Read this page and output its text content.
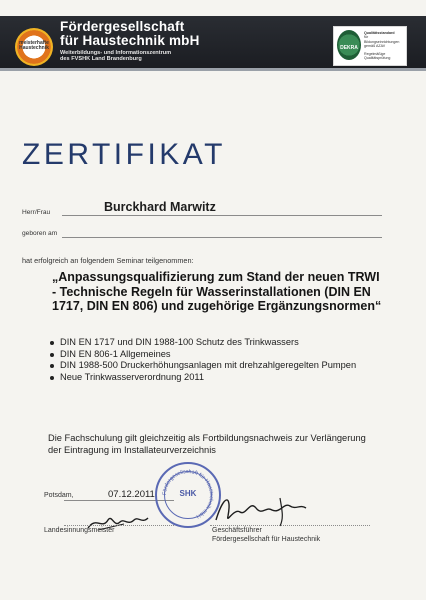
meisterhafte Haustechnik
Fördergesellschaft
für Haustechnik mbH
Weiterbildungs- und Informationszentrum
des FVSHK Land Brandenburg
DEKRA
Qualitätsstandard
für Bildungseinrichtungen
gemäß AZAV
Regelmäßige Qualitätsprüfung
ZERTIFIKAT
Burckhard Marwitz
Herr/Frau
geboren am
hat erfolgreich an folgendem Seminar teilgenommen:
„Anpassungsqualifizierung zum Stand der neuen TRWI - Technische Regeln für Wasserinstallationen (DIN EN 1717, DIN EN 806) und zugehörige Ergänzungsnormen“
DIN EN 1717 und DIN 1988-100 Schutz des Trinkwassers
DIN EN 806-1 Allgemeines
DIN 1988-500 Druckerhöhungsanlagen mit drehzahlgeregelten Pumpen
Neue Trinkwasserverordnung 2011
Die Fachschulung gilt gleichzeitig als Fortbildungsnachweis zur Verlängerung der Eintragung im Installateurverzeichnis
Potsdam,	07.12.2011 Fördergesellschaft für Haustechnik mbH
SHK
Landesinnungsmeister	Geschäftsführer
Fördergesellschaft für Haustechnik
